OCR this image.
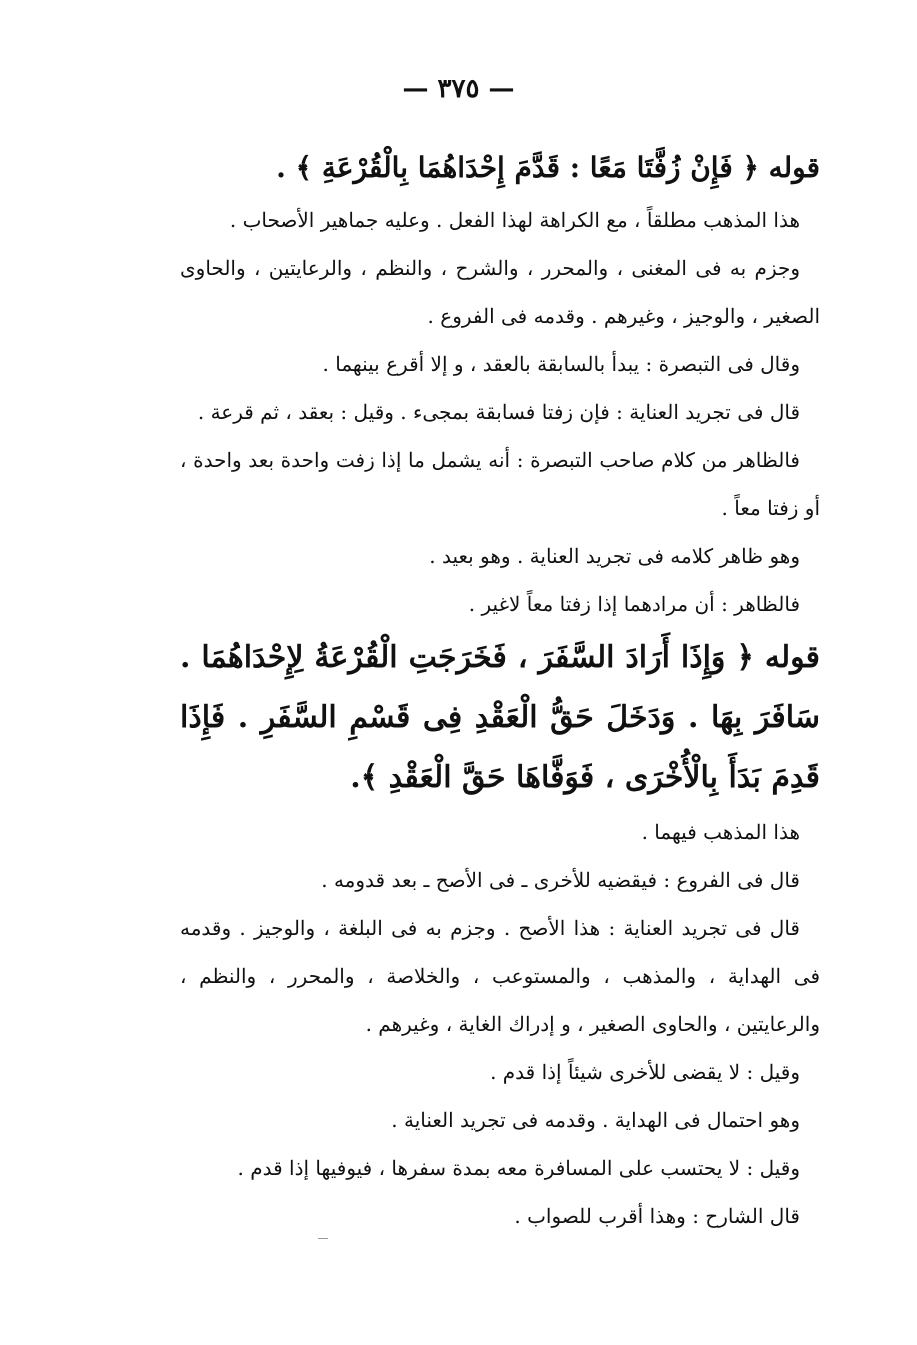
— ٣٧٥ —

قوله ﴿ فَإِنْ زُفَّتَا مَعًا : قَدَّمَ إِحْدَاهُمَا بِالْقُرْعَةِ ﴾ .

هذا المذهب مطلقاً ، مع الكراهة لهذا الفعل . وعليه جماهير الأصحاب .

وجزم به فى المغنى ، والمحرر ، والشرح ، والنظم ، والرعايتين ، والحاوى الصغير ، والوجيز ، وغيرهم . وقدمه فى الفروع .

وقال فى التبصرة : يبدأ بالسابقة بالعقد ، و إلا أقرع بينهما .

قال فى تجريد العناية : فإن زفتا فسابقة بمجىء . وقيل : بعقد ، ثم قرعة .

فالظاهر من كلام صاحب التبصرة : أنه يشمل ما إذا زفت واحدة بعد واحدة ، أو زفتا معاً .

وهو ظاهر كلامه فى تجريد العناية . وهو بعيد .

فالظاهر : أن مرادهما إذا زفتا معاً لاغير .

قوله ﴿ وَإِذَا أَرَادَ السَّفَرَ ، فَخَرَجَتِ الْقُرْعَةُ لِإِحْدَاهُمَا . سَافَرَ بِهَا . وَدَخَلَ حَقُّ الْعَقْدِ فِى قَسْمِ السَّفَرِ . فَإِذَا قَدِمَ بَدَأَ بِالْأُخْرَى ، فَوَفَّاهَا حَقَّ الْعَقْدِ ﴾.

هذا المذهب فيهما .

قال فى الفروع : فيقضيه للأخرى ـ فى الأصح ـ بعد قدومه .

قال فى تجريد العناية : هذا الأصح . وجزم به فى البلغة ، والوجيز . وقدمه فى الهداية ، والمذهب ، والمستوعب ، والخلاصة ، والمحرر ، والنظم ، والرعايتين ، والحاوى الصغير ، و إدراك الغاية ، وغيرهم .

وقيل : لا يقضى للأخرى شيئاً إذا قدم .

وهو احتمال فى الهداية . وقدمه فى تجريد العناية .

وقيل : لا يحتسب على المسافرة معه بمدة سفرها ، فيوفيها إذا قدم .

قال الشارح : وهذا أقرب للصواب .
